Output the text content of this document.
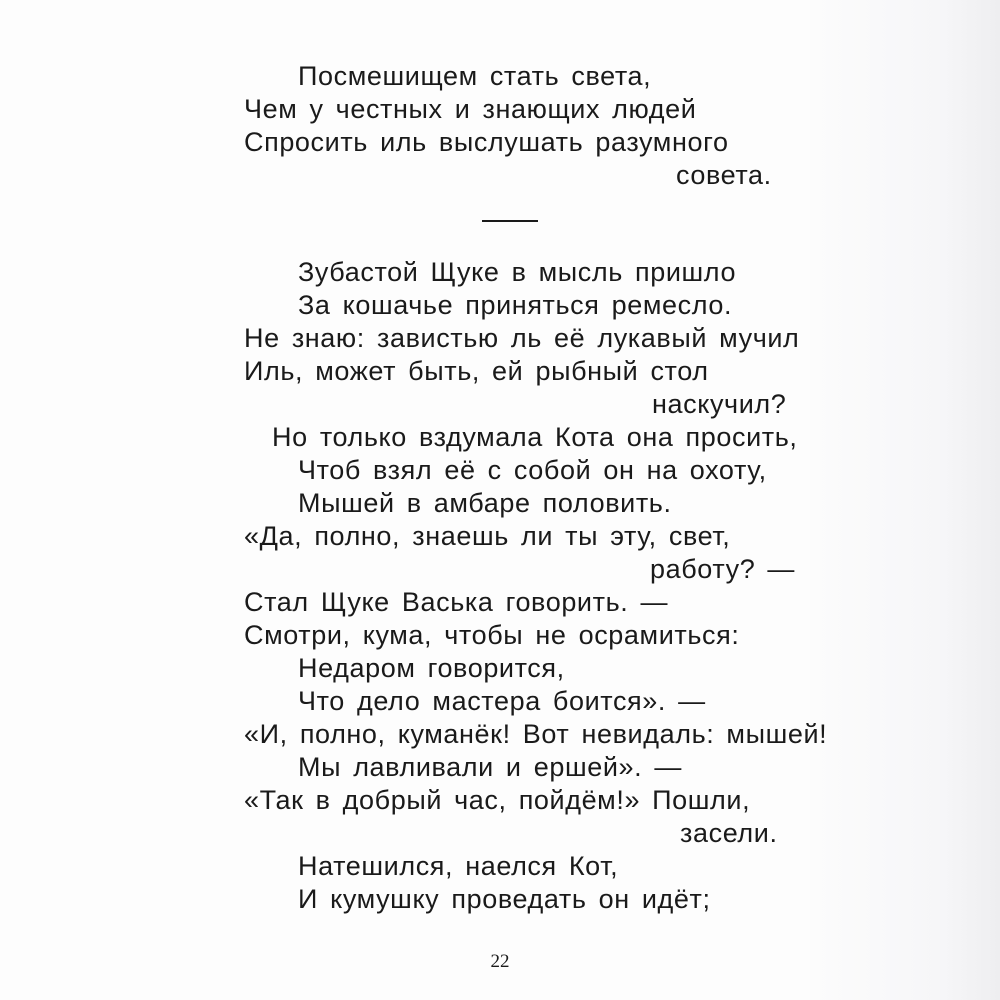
Посмешищем стать света,
Чем у честных и знающих людей
Спросить иль выслушать разумного
совета.
Зубастой Щуке в мысль пришло
За кошачье приняться ремесло.
Не знаю: завистью ль её лукавый мучил
Иль, может быть, ей рыбный стол
наскучил?
Но только вздумала Кота она просить,
Чтоб взял её с собой он на охоту,
Мышей в амбаре половить.
«Да, полно, знаешь ли ты эту, свет,
работу? —
Стал Щуке Васька говорить. —
Смотри, кума, чтобы не осрамиться:
Недаром говорится,
Что дело мастера боится». —
«И, полно, куманёк! Вот невидаль: мышей!
Мы лавливали и ершей». —
«Так в добрый час, пойдём!» Пошли,
засели.
Натешился, наелся Кот,
И кумушку проведать он идёт;
22
